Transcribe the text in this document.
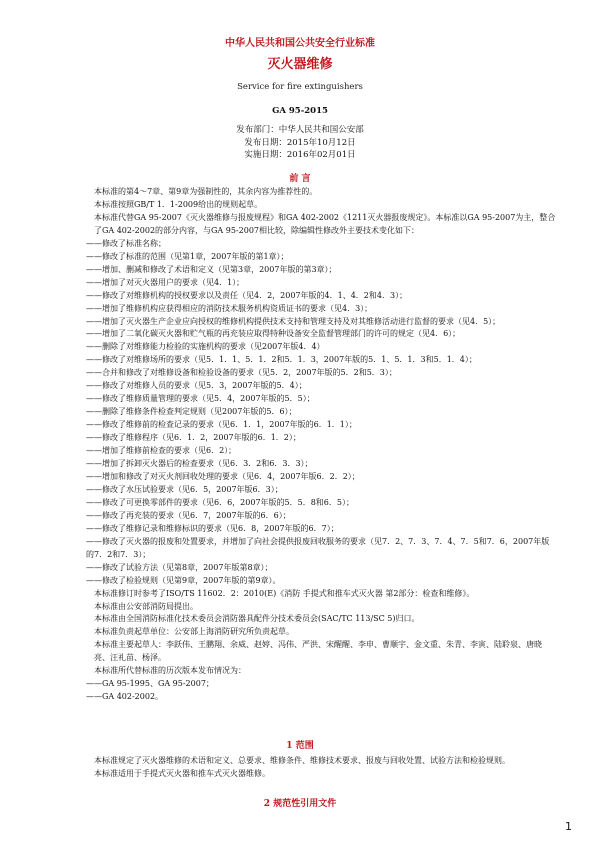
中华人民共和国公共安全行业标准
灭火器维修
Service for fire extinguishers
GA 95-2015
发布部门：中华人民共和国公安部
发布日期：2015年10月12日
实施日期：2016年02月01日
前 言

本标准的第4～7章、第9章为强制性的，其余内容为推荐性的。

本标准按照GB/T 1．1-2009给出的规则起草。

本标准代替GA 95-2007《灭火器维修与报废规程》和GA 402-2002《1211灭火器报废规定》。本标准以GA 95-2007为主，整合了GA 402-2002的部分内容，与GA 95-2007相比较，除编辑性修改外主要技术变化如下：

——修改了标准名称；

——修改了标准的范围（见第1章，2007年版的第1章）；

——增加、删减和修改了术语和定义（见第3章，2007年版的第3章）；

——增加了对灭火器用户的要求（见4．1）；

——修改了对维修机构的授权要求以及责任（见4．2，2007年版的4．1、4．2和4．3）；

——增加了维修机构应获得相应的消防技术服务机构资质证书的要求（见4．3）；

——增加了灭火器生产企业应向授权的维修机构提供技术支持和管理支持及对其维修活动进行监督的要求（见4．5）；

——增加了二氧化碳灭火器和贮气瓶的再充装应取得特种设备安全监督管理部门的许可的规定（见4．6）；

——删除了对维修能力检验的实施机构的要求（见2007年版4．4）

——修改了对维修场所的要求（见5．1．1、5．1．2和5．1．3，2007年版的5．1、5．1．3和5．1．4）；

——合并和修改了对维修设备和检验设备的要求（见5．2，2007年版的5．2和5．3）；

——修改了对维修人员的要求（见5．3，2007年版的5．4）；

——修改了维修质量管理的要求（见5．4，2007年版的5．5）；

——删除了维修条件检查判定规则（见2007年版的5．6）；

——修改了维修前的检查记录的要求（见6．1．1，2007年版的6．1．1）；

——修改了维修程序（见6．1．2，2007年版的6．1．2）；

——增加了维修前检查的要求（见6．2）；

——增加了拆卸灭火器后的检查要求（见6．3．2和6．3．3）；

——增加和修改了对灭火剂回收处理的要求（见6．4，2007年版6．2．2）；

——修改了水压试验要求（见6．5，2007年版6．3）；

——修改了可更换零部件的要求（见6．6，2007年版的5．5．8和6．5）；

——修改了再充装的要求（见6．7，2007年版的6．6）；

——修改了维修记录和维修标识的要求（见6．8，2007年版的6．7）；

——修改了灭火器的报废和处置要求，并增加了向社会提供报废回收服务的要求（见7．2、7．3、7．4、7．5和7．6，2007年版的7．2和7．3）；

——修改了试验方法（见第8章，2007年版第8章）；

——修改了检验规则（见第9章，2007年版的第9章）。

本标准修订时参考了ISO/TS 11602．2：2010(E)《消防 手提式和推车式灭火器 第2部分：检查和维修》。

本标准由公安部消防局提出。

本标准由全国消防标准化技术委员会消防器具配件分技术委员会(SAC/TC 113/SC 5)归口。

本标准负责起草单位：公安部上海消防研究所负责起草。

本标准主要起草人：李跃伟、王鹏翔、余威、赵婷、冯伟、严洪、宋醒醒、李申、曹顺宇、金文重、朱青、李寅、陆聆泉、唐晓亮、汪礼苗、杨泽。

本标准所代替标准的历次版本发布情况为：

——GA 95-1995、GA 95-2007；

——GA 402-2002。

1 范围

本标准规定了灭火器维修的术语和定义、总要求、维修条件、维修技术要求、报废与回收处置、试验方法和检验规则。

本标准适用于手提式灭火器和推车式灭火器维修。

2 规范性引用文件
1
